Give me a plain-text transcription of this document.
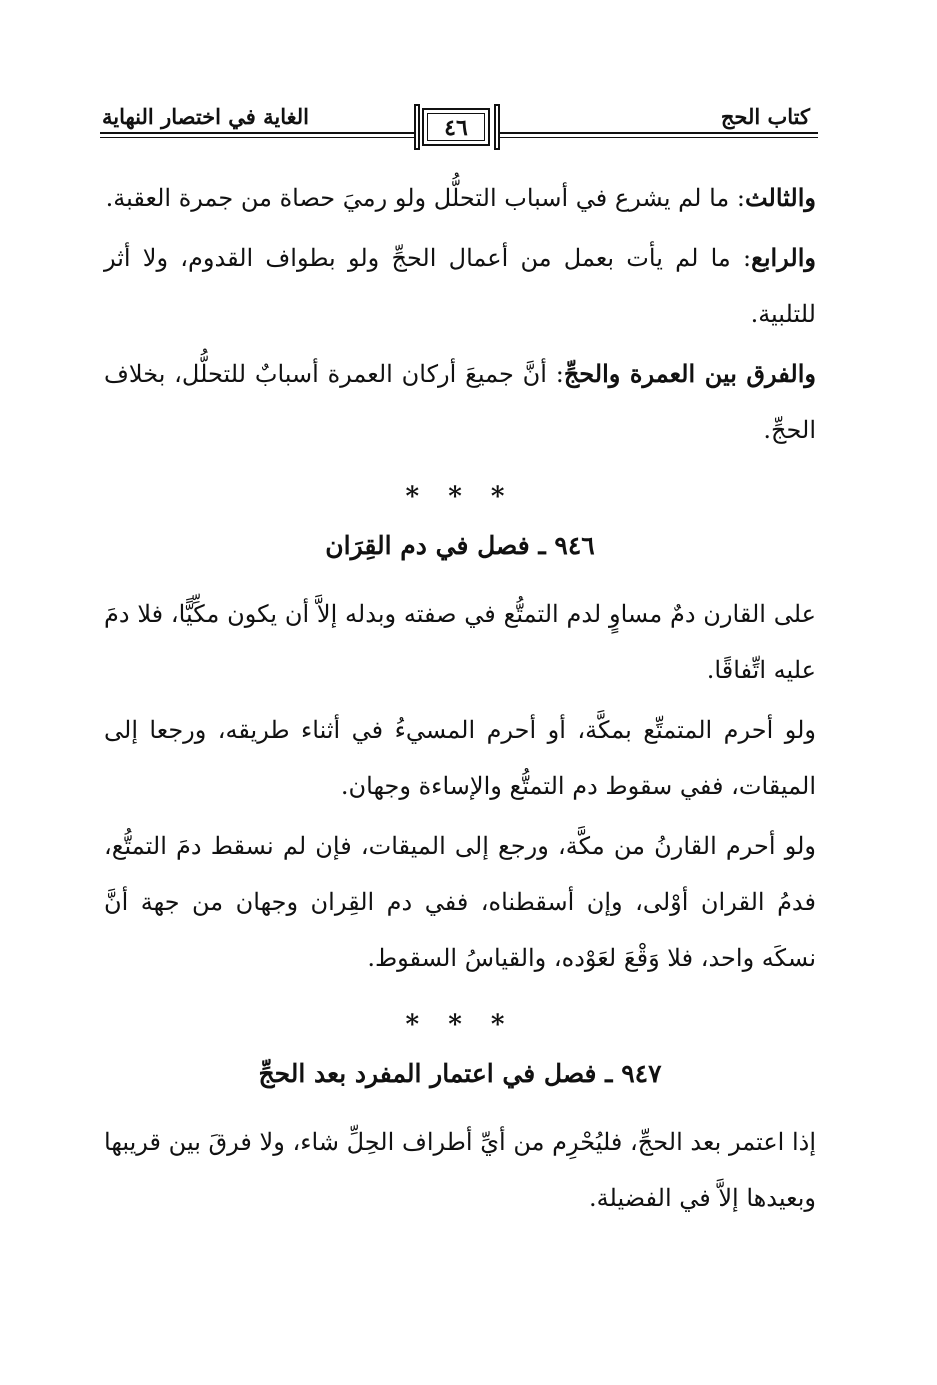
كتاب الحج
الغاية في اختصار النهاية	٤٦

والثالث: ما لم يشرع في أسباب التحلُّل ولو رميَ حصاة من جمرة العقبة.

والرابع: ما لم يأت بعمل من أعمال الحجِّ ولو بطواف القدوم، ولا أثر للتلبية.

والفرق بين العمرة والحجِّ: أنَّ جميعَ أركان العمرة أسبابٌ للتحلُّل، بخلاف الحجِّ.

* * *

٩٤٦ ـ فصل في دم القِرَان

على القارن دمٌ مساوٍ لدم التمتُّع في صفته وبدله إلاَّ أن يكون مكِّيًّا، فلا دمَ عليه اتِّفاقًا.

ولو أحرم المتمتِّع بمكَّة، أو أحرم المسيءُ في أثناء طريقه، ورجعا إلى الميقات، ففي سقوط دم التمتُّع والإساءة وجهان.

ولو أحرم القارنُ من مكَّة، ورجع إلى الميقات، فإن لم نسقط دمَ التمتُّع، فدمُ القران أوْلى، وإن أسقطناه، ففي دم القِران وجهان من جهة أنَّ نسكَه واحد، فلا وَقْعَ لعَوْده، والقياسُ السقوط.

* * *

٩٤٧ ـ فصل في اعتمار المفرد بعد الحجِّ

إذا اعتمر بعد الحجِّ، فليُحْرِم من أيِّ أطراف الحِلِّ شاء، ولا فرقَ بين قريبها وبعيدها إلاَّ في الفضيلة.
